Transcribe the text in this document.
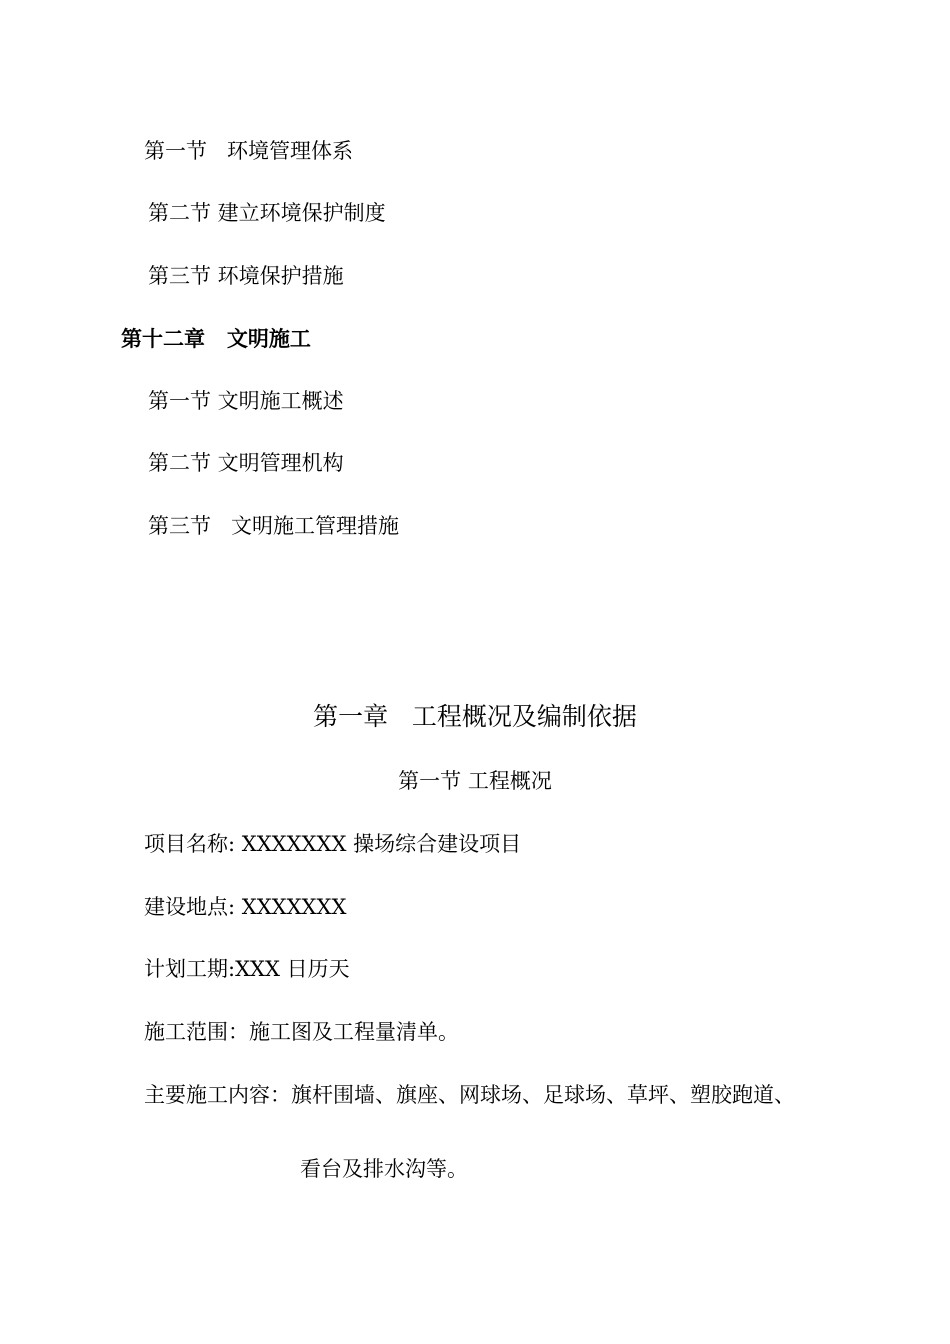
第一节   环境管理体系
第二节 建立环境保护制度
第三节 环境保护措施
第十二章   文明施工
第一节 文明施工概述
第二节 文明管理机构
第三节   文明施工管理措施
第一章   工程概况及编制依据
第一节 工程概况
项目名称: XXXXXXX 操场综合建设项目
建设地点: XXXXXXX
计划工期:XXX 日历天
施工范围：施工图及工程量清单。
主要施工内容：旗杆围墙、旗座、网球场、足球场、草坪、塑胶跑道、
看台及排水沟等。
